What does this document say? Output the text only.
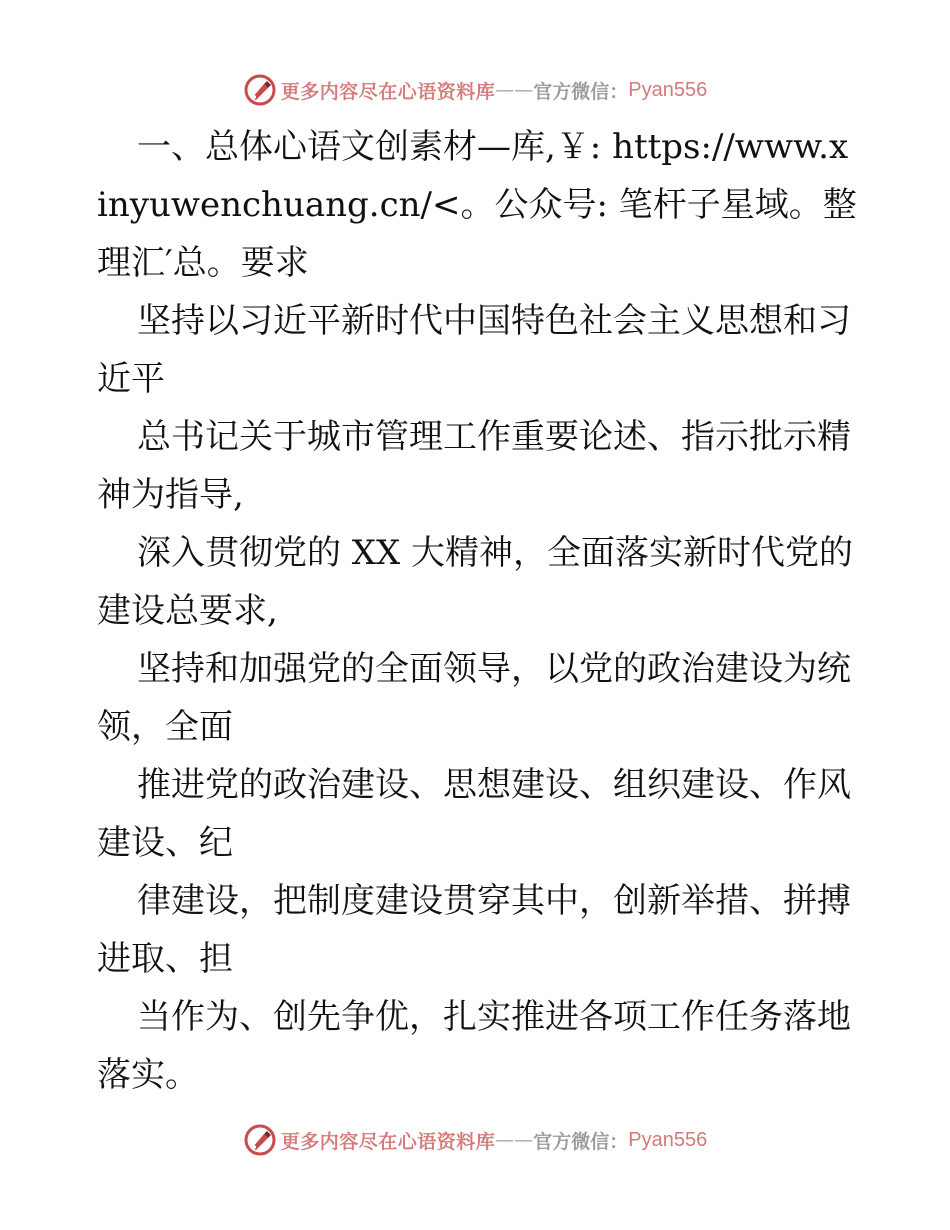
更多内容尽在心语资料库 —— 官方微信： Pyan556

一、总体心语文创素材—库,￥: https://www.xinyuwenchuang.cn/<。公众号: 笔杆子星域。整理汇′总。要求

坚持以习近平新时代中国特色社会主义思想和习近平

总书记关于城市管理工作重要论述、指示批示精神为指导,

深入贯彻党的 XX 大精神，全面落实新时代党的建设总要求,

坚持和加强党的全面领导，以党的政治建设为统领，全面

推进党的政治建设、思想建设、组织建设、作风建设、纪

律建设，把制度建设贯穿其中，创新举措、拼搏进取、担

当作为、创先争优，扎实推进各项工作任务落地落实。

更多内容尽在心语资料库 —— 官方微信： Pyan556
